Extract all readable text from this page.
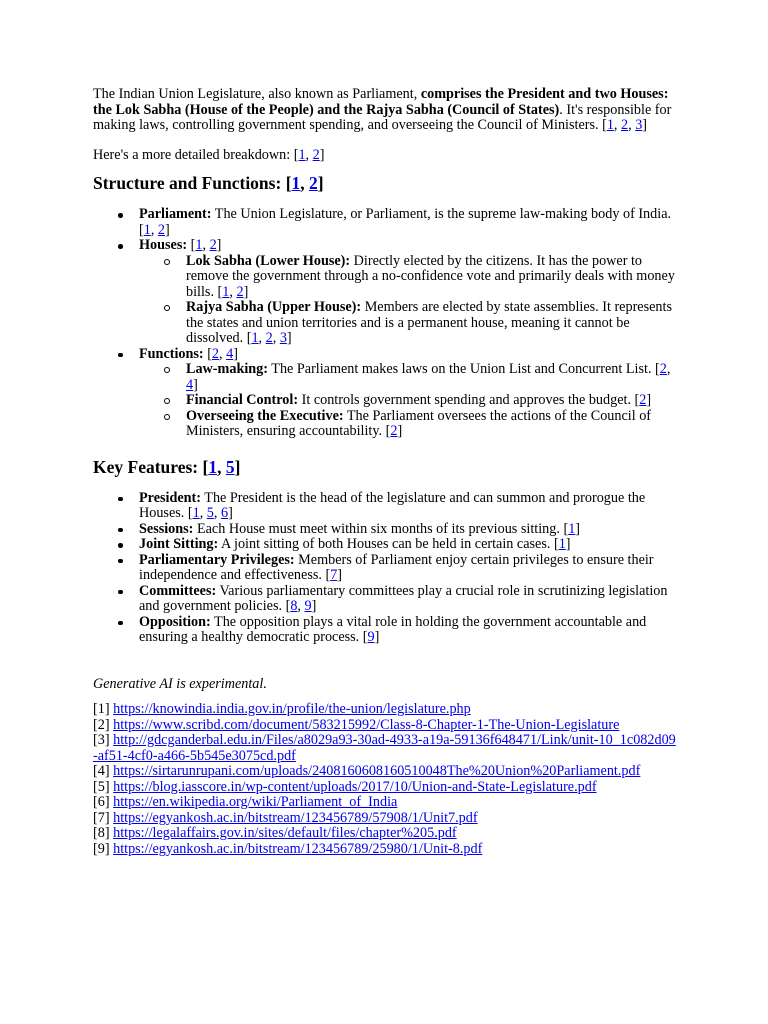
The Indian Union Legislature, also known as Parliament, comprises the President and two Houses: the Lok Sabha (House of the People) and the Rajya Sabha (Council of States). It's responsible for making laws, controlling government spending, and overseeing the Council of Ministers. [1, 2, 3]

Here's a more detailed breakdown: [1, 2]

Structure and Functions: [1, 2]
Parliament: The Union Legislature, or Parliament, is the supreme law-making body of India. [1, 2]
Houses: [1, 2]
Lok Sabha (Lower House): Directly elected by the citizens. It has the power to remove the government through a no-confidence vote and primarily deals with money bills. [1, 2]
Rajya Sabha (Upper House): Members are elected by state assemblies. It represents the states and union territories and is a permanent house, meaning it cannot be dissolved. [1, 2, 3]
Functions: [2, 4]
Law-making: The Parliament makes laws on the Union List and Concurrent List. [2, 4]
Financial Control: It controls government spending and approves the budget. [2]
Overseeing the Executive: The Parliament oversees the actions of the Council of Ministers, ensuring accountability. [2]
Key Features: [1, 5]
President: The President is the head of the legislature and can summon and prorogue the Houses. [1, 5, 6]
Sessions: Each House must meet within six months of its previous sitting. [1]
Joint Sitting: A joint sitting of both Houses can be held in certain cases. [1]
Parliamentary Privileges: Members of Parliament enjoy certain privileges to ensure their independence and effectiveness. [7]
Committees: Various parliamentary committees play a crucial role in scrutinizing legislation and government policies. [8, 9]
Opposition: The opposition plays a vital role in holding the government accountable and ensuring a healthy democratic process. [9]

Generative AI is experimental.

[1] https://knowindia.india.gov.in/profile/the-union/legislature.php
[2] https://www.scribd.com/document/583215992/Class-8-Chapter-1-The-Union-Legislature
[3] http://gdcganderbal.edu.in/Files/a8029a93-30ad-4933-a19a-59136f648471/Link/unit-10_1c082d09-af51-4cf0-a466-5b545e3075cd.pdf
[4] https://sirtarunrupani.com/uploads/2408160608160510048The%20Union%20Parliament.pdf
[5] https://blog.iasscore.in/wp-content/uploads/2017/10/Union-and-State-Legislature.pdf
[6] https://en.wikipedia.org/wiki/Parliament_of_India
[7] https://egyankosh.ac.in/bitstream/123456789/57908/1/Unit7.pdf
[8] https://legalaffairs.gov.in/sites/default/files/chapter%205.pdf
[9] https://egyankosh.ac.in/bitstream/123456789/25980/1/Unit-8.pdf
